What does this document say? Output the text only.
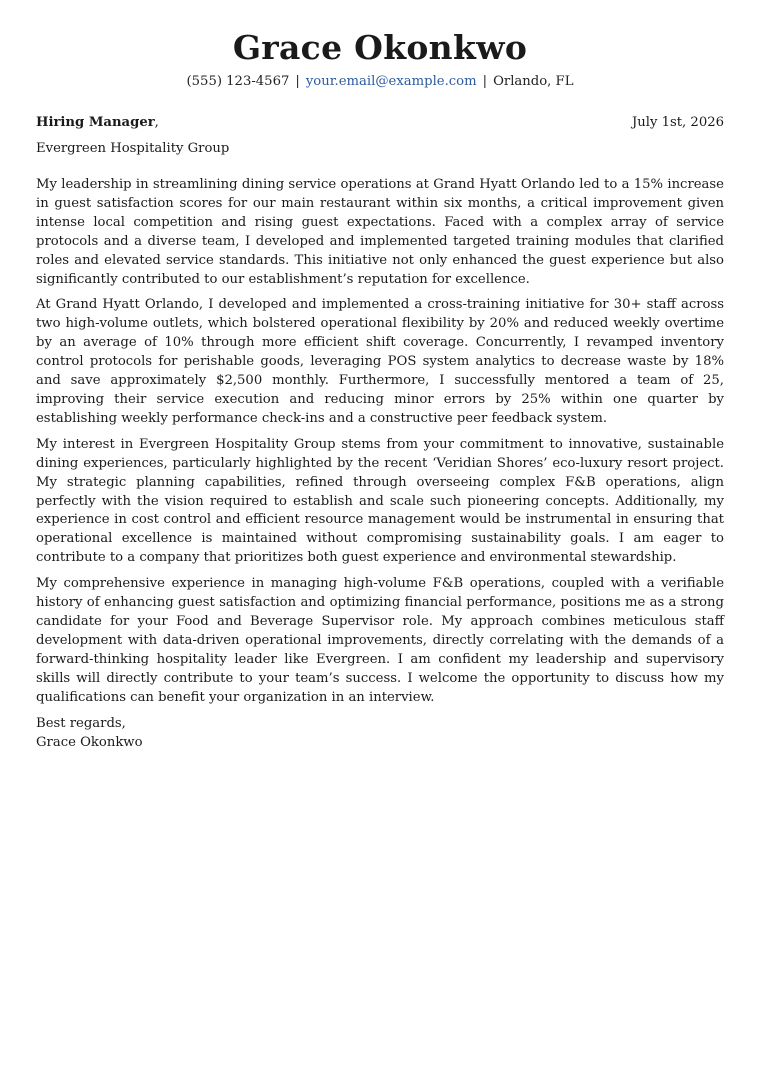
Grace Okonkwo
(555) 123-4567 | your.email@example.com | Orlando, FL
Hiring Manager,	July 1st, 2026
Evergreen Hospitality Group

My leadership in streamlining dining service operations at Grand Hyatt Orlando led to a 15% increase in guest satisfaction scores for our main restaurant within six months, a critical improvement given intense local competition and rising guest expectations. Faced with a complex array of service protocols and a diverse team, I developed and implemented targeted training modules that clarified roles and elevated service standards. This initiative not only enhanced the guest experience but also significantly contributed to our establishment’s reputation for excellence.

At Grand Hyatt Orlando, I developed and implemented a cross-training initiative for 30+ staff across two high-volume outlets, which bolstered operational flexibility by 20% and reduced weekly overtime by an average of 10% through more efficient shift coverage. Concurrently, I revamped inventory control protocols for perishable goods, leveraging POS system analytics to decrease waste by 18% and save approximately $2,500 monthly. Furthermore, I successfully mentored a team of 25, improving their service execution and reducing minor errors by 25% within one quarter by establishing weekly performance check-ins and a constructive peer feedback system.

My interest in Evergreen Hospitality Group stems from your commitment to innovative, sustainable dining experiences, particularly highlighted by the recent ‘Veridian Shores’ eco-luxury resort project. My strategic planning capabilities, refined through overseeing complex F&B operations, align perfectly with the vision required to establish and scale such pioneering concepts. Additionally, my experience in cost control and efficient resource management would be instrumental in ensuring that operational excellence is maintained without compromising sustainability goals. I am eager to contribute to a company that prioritizes both guest experience and environmental stewardship.

My comprehensive experience in managing high-volume F&B operations, coupled with a verifiable history of enhancing guest satisfaction and optimizing financial performance, positions me as a strong candidate for your Food and Beverage Supervisor role. My approach combines meticulous staff development with data-driven operational improvements, directly correlating with the demands of a forward-thinking hospitality leader like Evergreen. I am confident my leadership and supervisory skills will directly contribute to your team’s success. I welcome the opportunity to discuss how my qualifications can benefit your organization in an interview.

Best regards,
Grace Okonkwo
